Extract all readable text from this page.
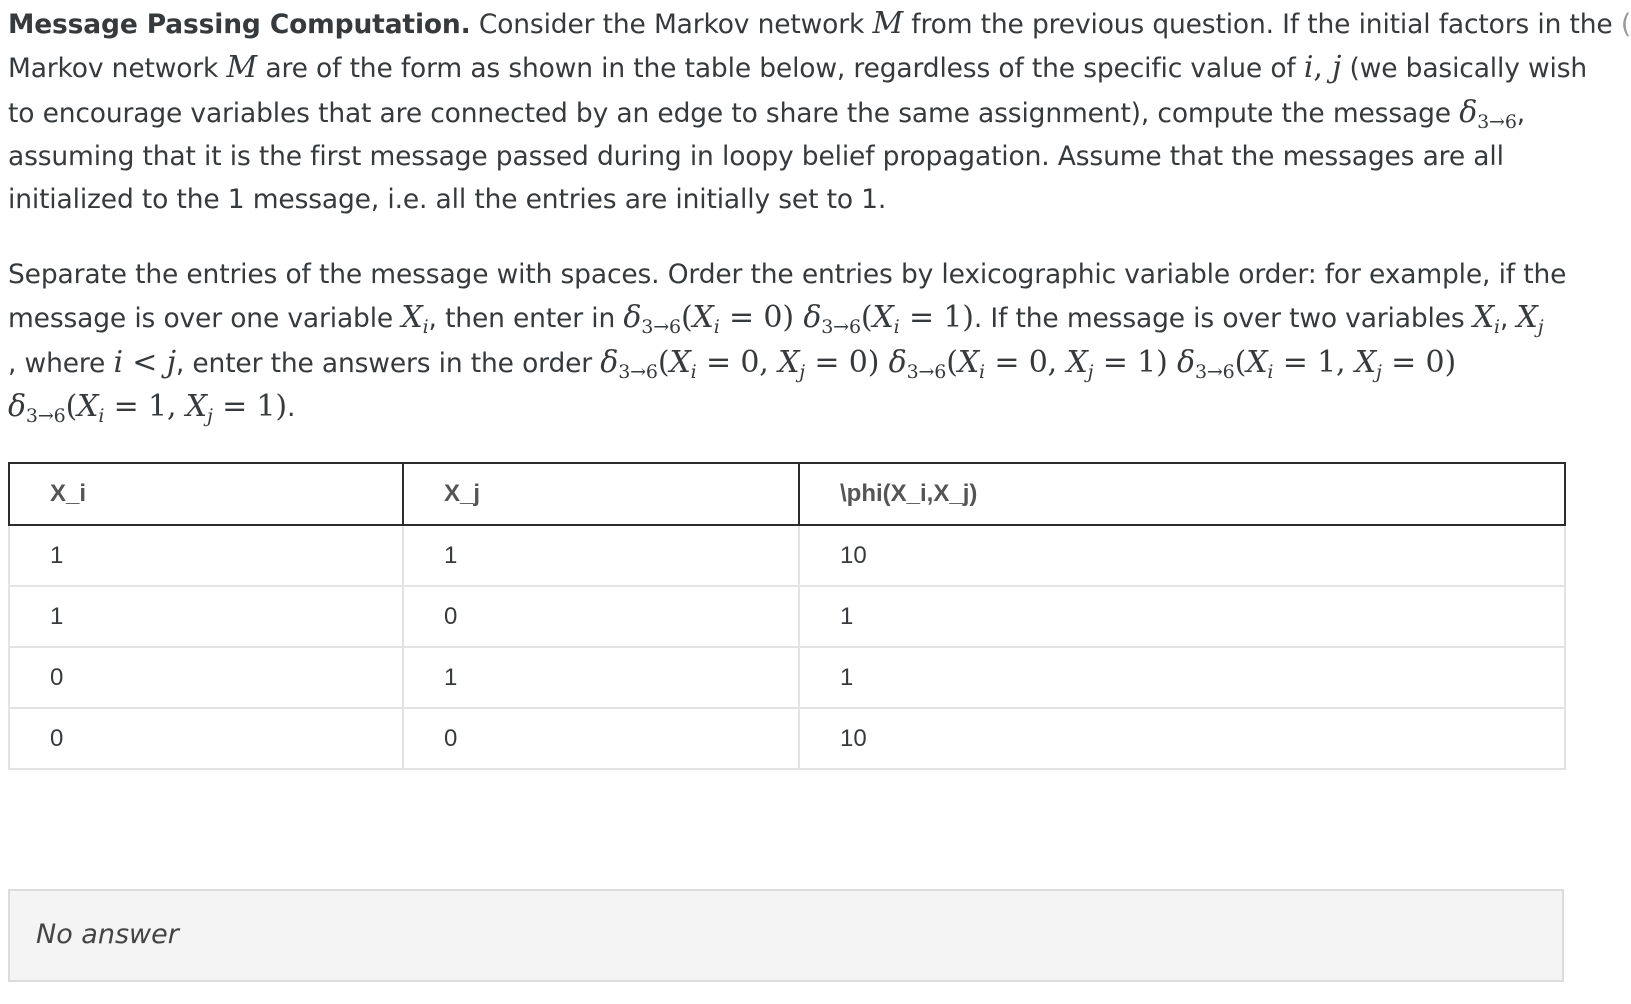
Message Passing Computation. Consider the Markov network M from the previous question. If the initial factors in the (
Markov network M are of the form as shown in the table below, regardless of the specific value of i, j (we basically wish
to encourage variables that are connected by an edge to share the same assignment), compute the message $\delta_{3\to 6}$,
assuming that it is the first message passed during in loopy belief propagation. Assume that the messages are all
initialized to the 1 message, i.e. all the entries are initially set to 1.

Separate the entries of the message with spaces. Order the entries by lexicographic variable order: for example, if the
message is over one variable $X_i$, then enter in $\delta_{3\to 6}(X_i = 0) \delta_{3\to 6}(X_i = 1)$. If the message is over two variables $X_i$, $X_j$
, where i < j, enter the answers in the order $\delta_{3\to 6}(X_i = 0$, $X_j = 0$) $\delta_{3\to 6}(X_i = 0$, $X_j = 1$) $\delta_{3\to 6}(X_i = 1$, $X_j = 0$)
$\delta_{3\to 6}(X_i = 1$, $X_j = 1$).

X_i	X_j	\phi(X_i,X_j)
1	1	10
1	0	1
0	1	1
0	0	10
No answer
